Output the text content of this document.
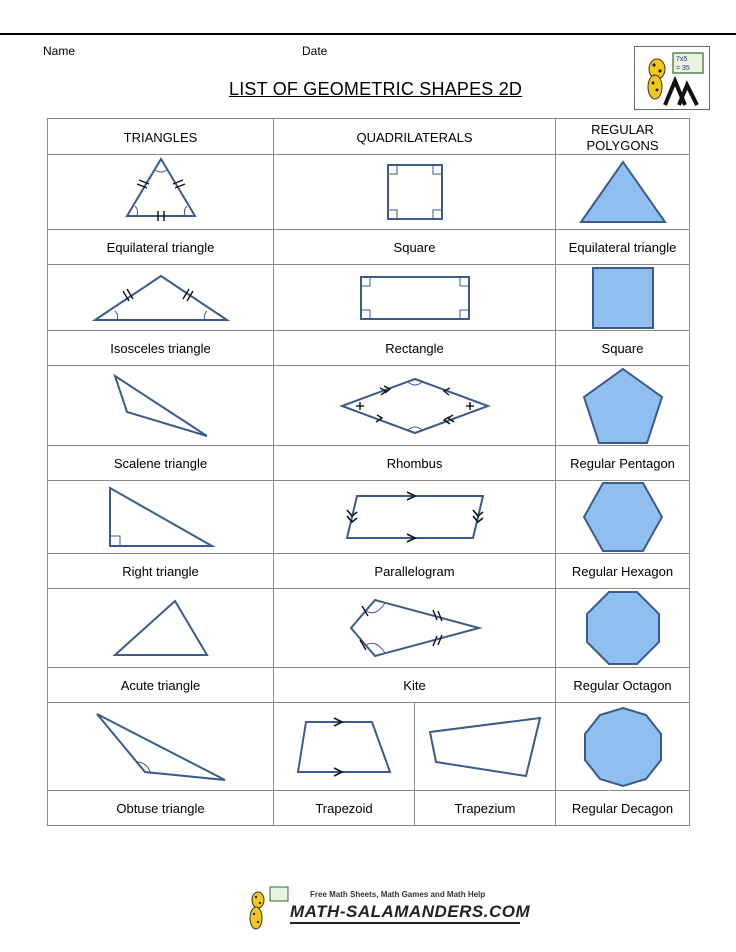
Name	Date
LIST OF GEOMETRIC SHAPES 2D
7x5
= 35
TRIANGLES	QUADRILATERALS		REGULAR POLYGONS

Equilateral triangle	Square		Equilateral triangle

Isosceles triangle	Rectangle		Square

Scalene triangle	Rhombus		Regular Pentagon

Right triangle	Parallelogram		Regular Hexagon

Acute triangle	Kite		Regular Octagon

Obtuse triangle	Trapezoid	Trapezium	Regular Decagon
Free Math Sheets, Math Games and Math Help
MATH-SALAMANDERS.COM
